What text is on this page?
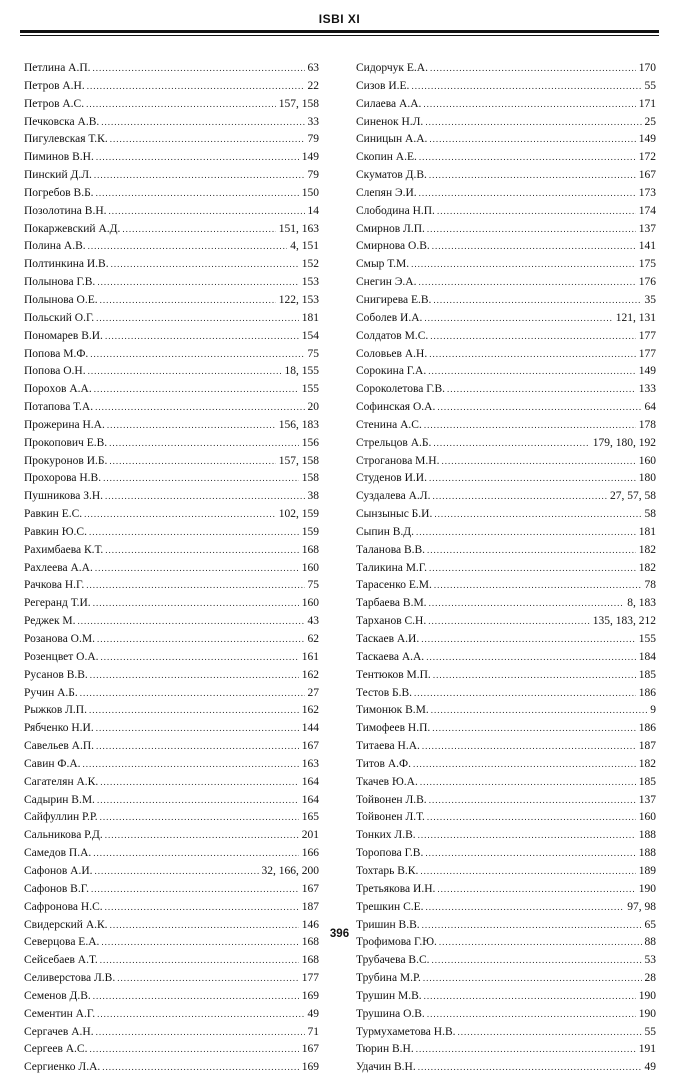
ISBI XI
Петлина А.П. .....	63
Петров А.Н. .....	22
Петров А.С. .....	157, 158
Печковска А.В. .....	33
Пигулевская Т.К. .....	79
Пиминов В.Н. .....	149
Пинский Д.Л. .....	79
Погребов В.Б. .....	150
Позолотина В.Н. .....	14
Покаржевский А.Д. .....	151, 163
Полина А.В. .....	4, 151
Полтинкина И.В. .....	152
Полынова Г.В. .....	153
Полынова О.Е. .....	122, 153
Польский О.Г. .....	181
Пономарев В.И. .....	154
Попова М.Ф. .....	75
Попова О.Н. .....	18, 155
Пороxов А.А. .....	155
Потапова Т.А. .....	20
Прожерина Н.А. .....	156, 183
Прокопович Е.В. .....	156
Прокуронов И.Б. .....	157, 158
Прохорова Н.В. .....	158
Пушникова З.Н. .....	38
Равкин Е.С. .....	102, 159
Равкин Ю.С. .....	159
Рахимбаева К.Т. .....	168
Рахлеева А.А. .....	160
Рачкова Н.Г. .....	75
Регеранд Т.И. .....	160
Реджек М. .....	43
Розанова О.М. .....	62
Розенцвет О.А. .....	161
Русанов В.В. .....	162
Ручин А.Б. .....	27
Рыжков Л.П. .....	162
Рябченко Н.И. .....	144
Савельев А.П. .....	167
Савин Ф.А. .....	163
Сагателян А.К. .....	164
Садырин В.М. .....	164
Сайфуллин Р.Р. .....	165
Сальникова Р.Д. .....	201
Самедов П.А. .....	166
Сафонов А.И. .....	32, 166, 200
Сафонов В.Г. .....	167
Сафронова Н.С. .....	187
Свидерский А.К. .....	146
Северцова Е.А. .....	168
Сейсебаев А.Т. .....	168
Селиверстова Л.В. .....	177
Семенов Д.В. .....	169
Сементин А.Г. .....	49
Сергачев А.Н. .....	71
Сергеев А.С. .....	167
Сергиенко Л.А. .....	169
Сидорчук Е.А. .....	170
Сизов И.Е. .....	55
Силаева А.А. .....	171
Синенок Н.Л. .....	25
Синицын А.А. .....	149
Скопин А.Е. .....	172
Скуматов Д.В. .....	167
Слепян Э.И. .....	173
Слободина Н.П. .....	174
Смирнов Л.П. .....	137
Смирнова О.В. .....	141
Смыр Т.М. .....	175
Снегин Э.А. .....	176
Снигирева Е.В. .....	35
Соболев И.А. .....	121, 131
Солдатов М.С. .....	177
Соловьев А.Н. .....	177
Сорокина Г.А. .....	149
Сороколетова Г.В. .....	133
Софинская О.А. .....	64
Стенина А.С. .....	178
Стрельцов А.Б. .....	179, 180, 192
Строганова М.Н. .....	160
Студенов И.И. .....	180
Суздалева А.Л. .....	27, 57, 58
Сынзыныс Б.И. .....	58
Сыпин В.Д. .....	181
Таланова В.В. .....	182
Таликина М.Г. .....	182
Тарасенко Е.М. .....	78
Тарбаева В.М. .....	8, 183
Тарханов С.Н. .....	135, 183, 212
Таскаев А.И. .....	155
Таскаева А.А. .....	184
Тентюков М.П. .....	185
Тестов Б.В. .....	186
Тимонюк В.М. .....	9
Тимофеев Н.П. .....	186
Титаева Н.А. .....	187
Титов А.Ф. .....	182
Ткачев Ю.А. .....	185
Тойвонен Л.В. .....	137
Тойвонен Л.Т. .....	160
Тонких Л.В. .....	188
Торопова Г.В. .....	188
Тохтарь В.К. .....	189
Третьякова И.Н. .....	190
Трешкин С.Е. .....	97, 98
Тришин В.В. .....	65
Трофимова Г.Ю. .....	88
Трубачева В.С. .....	53
Трубина М.Р. .....	28
Трушин М.В. .....	190
Трушина О.В. .....	190
Турмухаметова Н.В. .....	55
Тюрин В.Н. .....	191
Удачин В.Н. .....	49
396
